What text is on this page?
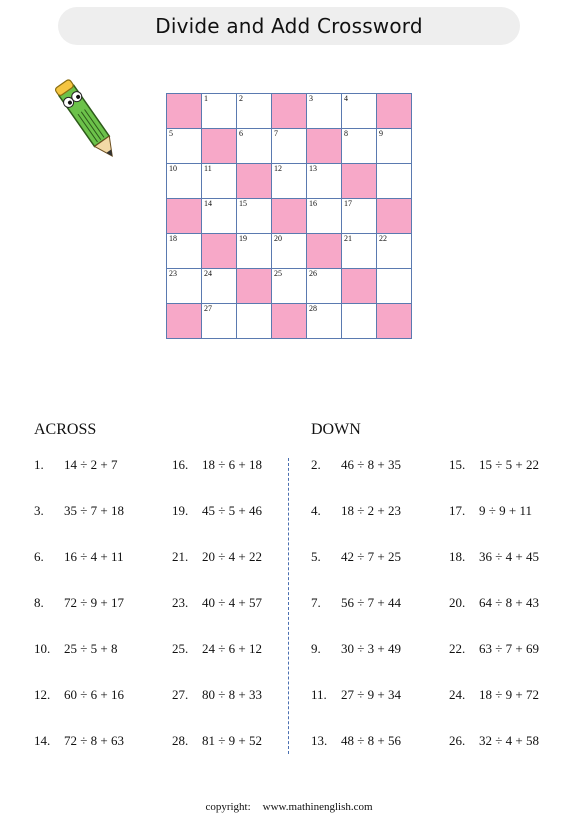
Divide and Add Crossword
1	2	3	4
5	6	7	8	9
10	11	12	13
14	15	16	17
18	19	20	21	22
23	24	25	26
27	28
ACROSS	DOWN
1. 14 ÷ 2 + 7
3. 35 ÷ 7 + 18
6. 16 ÷ 4 + 11
8. 72 ÷ 9 + 17
10. 25 ÷ 5 + 8
12. 60 ÷ 6 + 16
14. 72 ÷ 8 + 63
16. 18 ÷ 6 + 18
19. 45 ÷ 5 + 46
21. 20 ÷ 4 + 22
23. 40 ÷ 4 + 57
25. 24 ÷ 6 + 12
27. 80 ÷ 8 + 33
28. 81 ÷ 9 + 52
2. 46 ÷ 8 + 35
4. 18 ÷ 2 + 23
5. 42 ÷ 7 + 25
7. 56 ÷ 7 + 44
9. 30 ÷ 3 + 49
11. 27 ÷ 9 + 34
13. 48 ÷ 8 + 56
15. 15 ÷ 5 + 22
17. 9 ÷ 9 + 11
18. 36 ÷ 4 + 45
20. 64 ÷ 8 + 43
22. 63 ÷ 7 + 69
24. 18 ÷ 9 + 72
26. 32 ÷ 4 + 58
copyright: www.mathinenglish.com
